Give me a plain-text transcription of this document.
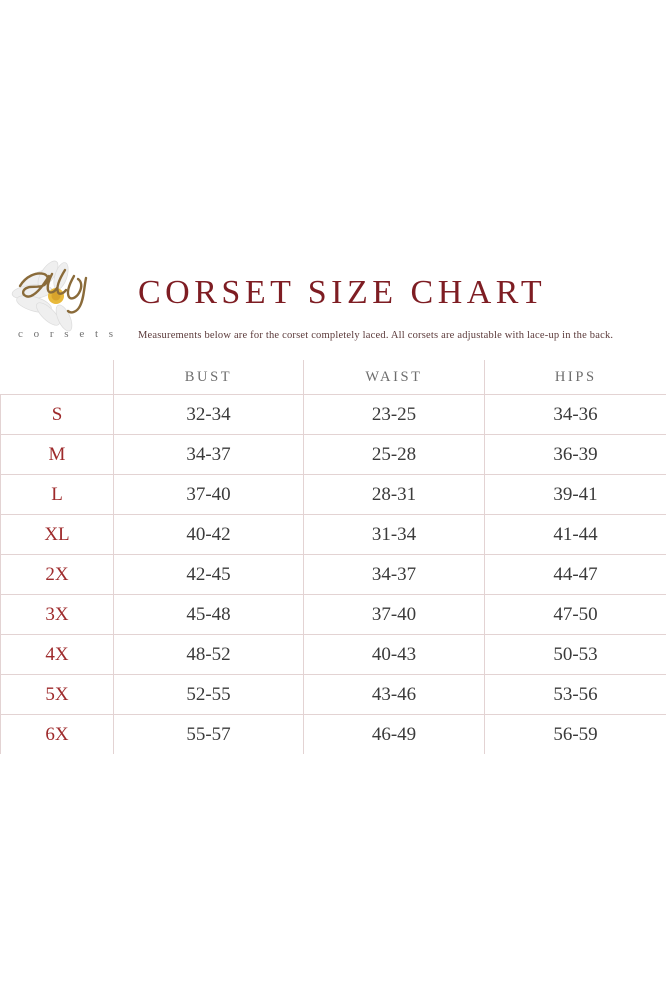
c o r s e t s
CORSET SIZE CHART
Measurements below are for the corset completely laced. All corsets are adjustable with lace-up in the back.
	BUST	WAIST	HIPS
S	32-34	23-25	34-36
M	34-37	25-28	36-39
L	37-40	28-31	39-41
XL	40-42	31-34	41-44
2X	42-45	34-37	44-47
3X	45-48	37-40	47-50
4X	48-52	40-43	50-53
5X	52-55	43-46	53-56
6X	55-57	46-49	56-59
